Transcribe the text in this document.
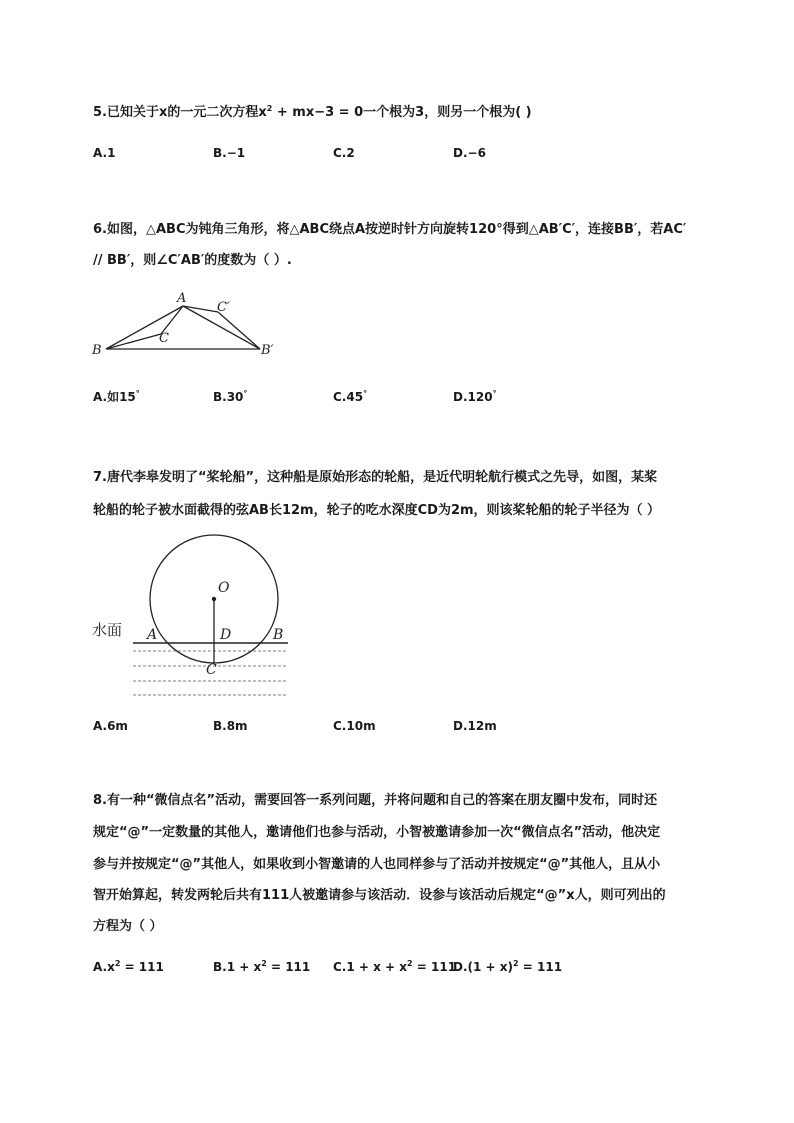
5.已知关于x的一元二次方程$x^2 + mx-3 = 0$一个根为3，则另一个根为( )
A.1	B.−1	C.2	D.−6
6.如图，△ABC为钝角三角形，将△ABC绕点A按逆时针方向旋转120°得到△AB′C′，连接BB′，若AC′
// BB′，则∠C′AB′的度数为（ ）.
A
B
C
C′
B′
A.如15°	B.30°	C.45°	D.120°
7.唐代李皋发明了“桨轮船”，这种船是原始形态的轮船，是近代明轮航行模式之先导，如图，某桨
轮船的轮子被水面截得的弦AB长12m，轮子的吃水深度CD为2m，则该桨轮船的轮子半径为（ ）
水面
O
A	D	B
C
A.6m	B.8m	C.10m	D.12m
8.有一种“微信点名”活动，需要回答一系列问题，并将问题和自己的答案在朋友圈中发布，同时还
规定“@”一定数量的其他人，邀请他们也参与活动，小智被邀请参加一次“微信点名”活动，他决定
参与并按规定“@”其他人，如果收到小智邀请的人也同样参与了活动并按规定“@”其他人，且从小
智开始算起，转发两轮后共有111人被邀请参与该活动．设参与该活动后规定“@”x人，则可列出的
方程为（ ）
$A.x^2 = 111$	$B.1 + x^2 = 111$ $C.1 + x + x^2 = 111$
$D.(1 + x)^2 = 111$
